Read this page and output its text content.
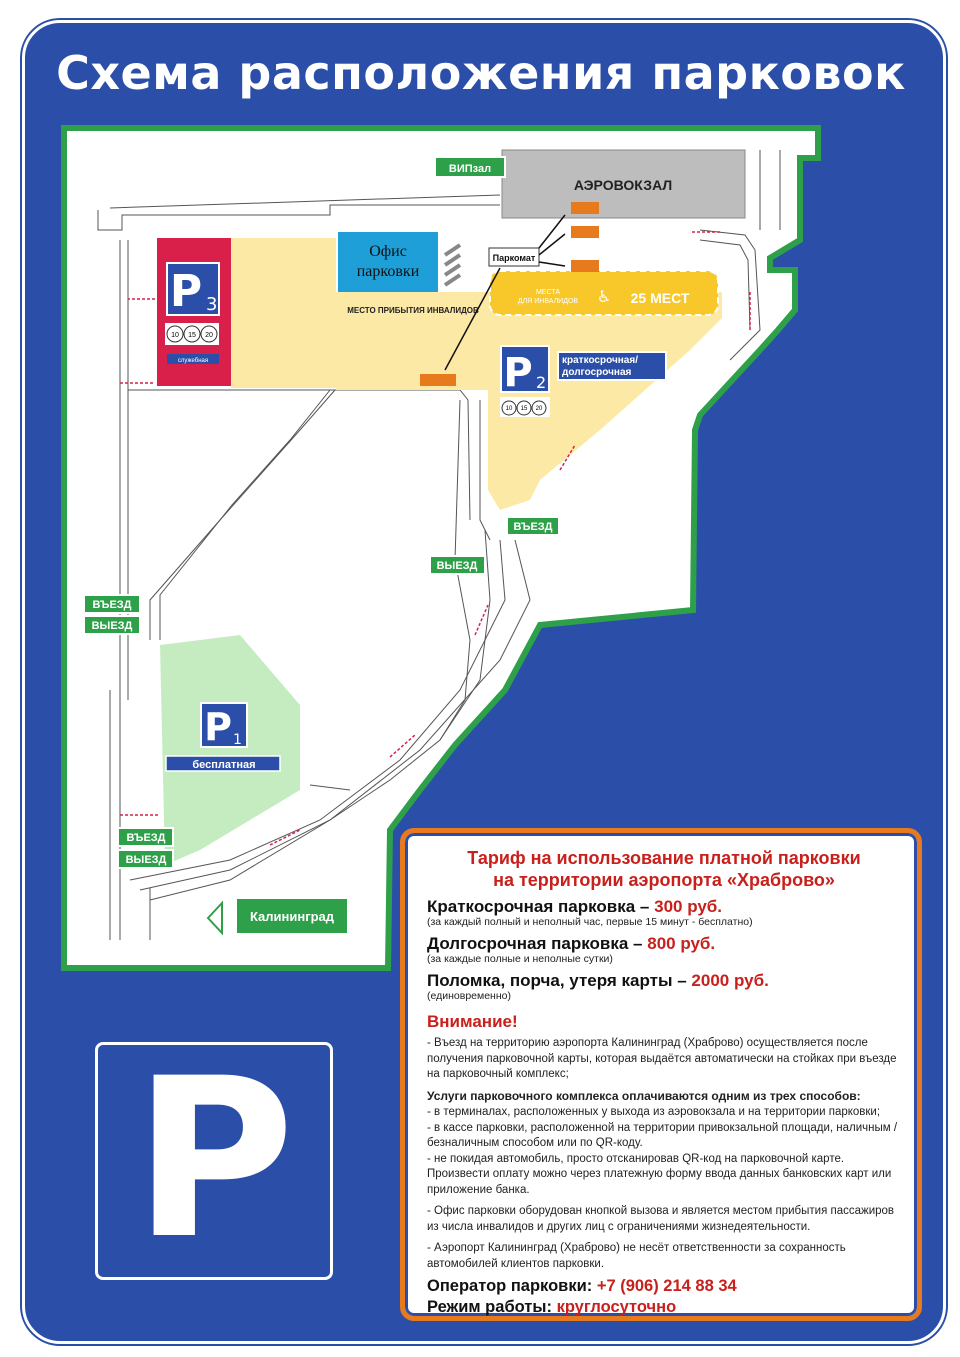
Схема расположения парковок
АЭРОВОКЗАЛ
ВИПзал
P 3
10 15 20
служебная
МЕСТА
ДЛЯ ИНВАЛИДОВ ♿ 25 МЕСТ
МЕСТО ПРИБЫТИЯ ИНВАЛИДОВ
Офис
парковки
Паркомат
P 2
краткосрочная/
долгосрочная
10 15 20
P 1
бесплатная
ВЪЕЗД
ВЫЕЗД
ВЪЕЗД
ВЫЕЗД
ВЪЕЗД
ВЫЕЗД
Калининград
P
Тариф на использование платной парковки
на территории аэропорта «Храброво»
Краткосрочная парковка – 300 руб.
(за каждый полный и неполный час, первые 15 минут - бесплатно)
Долгосрочная парковка – 800 руб.
(за каждые полные и неполные сутки)
Поломка, порча, утеря карты – 2000 руб.
(единовременно)
Внимание!
- Въезд на территорию аэропорта Калининград (Храброво) осуществляется после получения парковочной карты, которая выдаётся автоматически на стойках при въезде на парковочный комплекс;
Услуги парковочного комплекса оплачиваются одним из трех способов:
- в терминалах, расположенных у выхода из аэровокзала и на территории парковки;
- в кассе парковки, расположенной на территории привокзальной площади, наличным / безналичным способом или по QR-коду.
- не покидая автомобиль, просто отсканировав QR-код на парковочной карте. Произвести оплату можно через платежную форму ввода данных банковских карт или приложение банка.
- Офис парковки оборудован кнопкой вызова и является местом прибытия пассажиров из числа инвалидов и других лиц с ограничениями жизнедеятельности.
- Аэропорт Калининград (Храброво) не несёт ответственности за сохранность автомобилей клиентов парковки.
Оператор парковки: +7 (906) 214 88 34
Режим работы: круглосуточно
